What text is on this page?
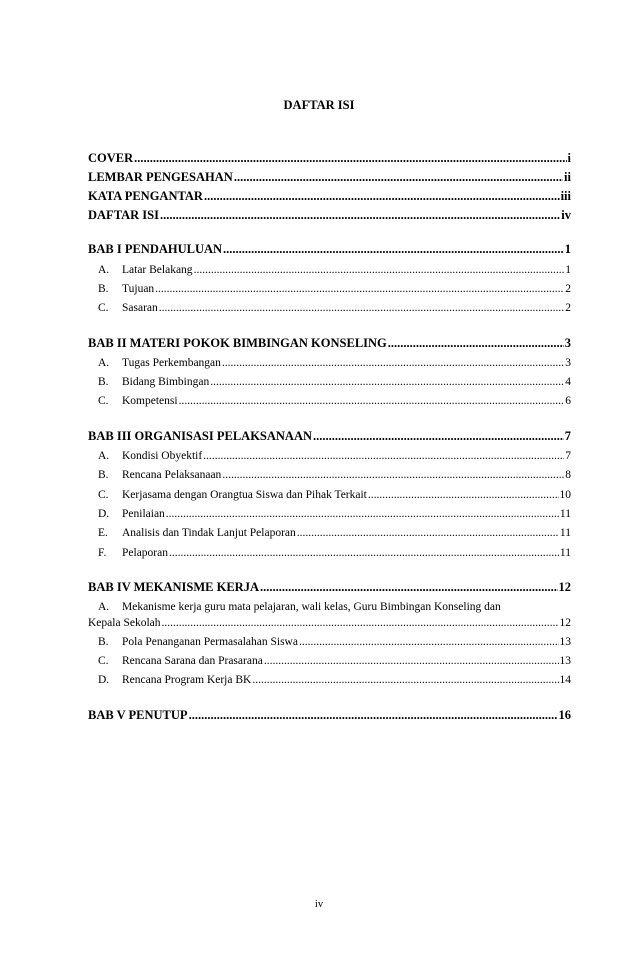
DAFTAR ISI
COVER .....	i
LEMBAR PENGESAHAN .....	ii
KATA PENGANTAR .....	iii
DAFTAR ISI .....	iv
BAB I PENDAHULUAN .....	1
A.	Latar Belakang .....	1
B.	Tujuan .....	2
C.	Sasaran .....	2
BAB II MATERI POKOK BIMBINGAN KONSELING .....	3
A.	Tugas Perkembangan .....	3
B.	Bidang Bimbingan .....	4
C.	Kompetensi .....	6
BAB III ORGANISASI PELAKSANAAN .....	7
A.	Kondisi Obyektif .....	7
B.	Rencana Pelaksanaan .....	8
C.	Kerjasama dengan Orangtua Siswa dan Pihak Terkait .....	10
D.	Penilaian .....	11
E.	Analisis dan Tindak Lanjut Pelaporan .....	11
F.	Pelaporan .....	11
BAB IV MEKANISME KERJA .....	12
A.	Mekanisme kerja guru mata pelajaran, wali kelas, Guru Bimbingan Konseling dan
Kepala Sekolah .....	12
B.	Pola Penanganan Permasalahan Siswa .....	13
C.	Rencana Sarana dan Prasarana .....	13
D.	Rencana Program Kerja BK .....	14
BAB V PENUTUP .....	16
iv
